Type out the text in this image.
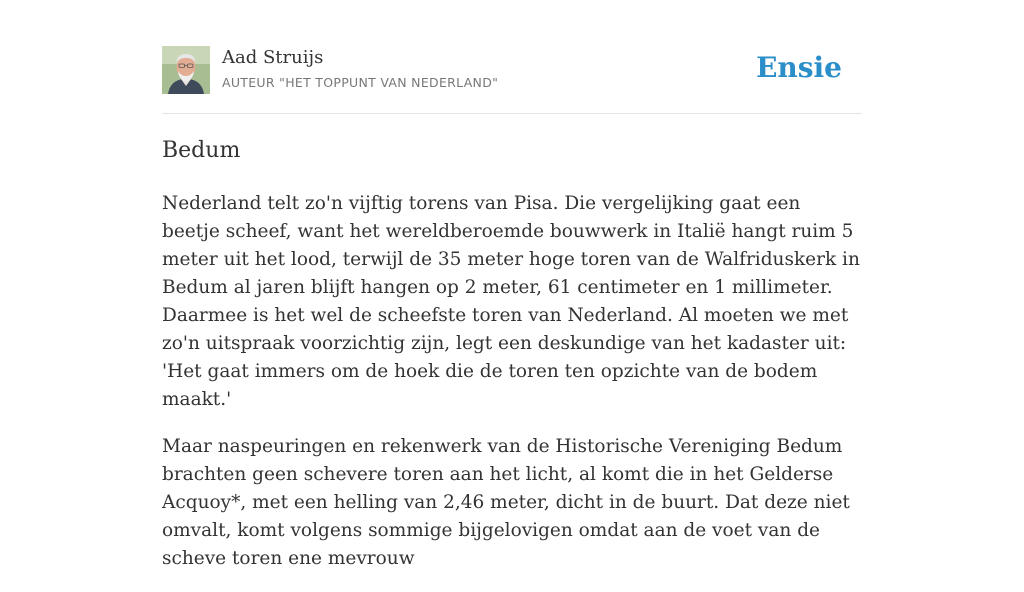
Aad Struijs
AUTEUR "HET TOPPUNT VAN NEDERLAND"	Ensie
Bedum

Nederland telt zo'n vijftig torens van Pisa. Die vergelijking gaat een beetje scheef, want het wereldberoemde bouwwerk in Italië hangt ruim 5 meter uit het lood, terwijl de 35 meter hoge toren van de Walfriduskerk in Bedum al jaren blijft hangen op 2 meter, 61 centimeter en 1 millimeter. Daarmee is het wel de scheefste toren van Nederland. Al moeten we met zo'n uitspraak voorzichtig zijn, legt een deskundige van het kadaster uit: 'Het gaat immers om de hoek die de toren ten opzichte van de bodem maakt.'

Maar naspeuringen en rekenwerk van de Historische Vereniging Bedum brachten geen schevere toren aan het licht, al komt die in het Gelderse Acquoy*, met een helling van 2,46 meter, dicht in de buurt. Dat deze niet omvalt, komt volgens sommige bijgelovigen omdat aan de voet van de scheve toren ene mevrouw
